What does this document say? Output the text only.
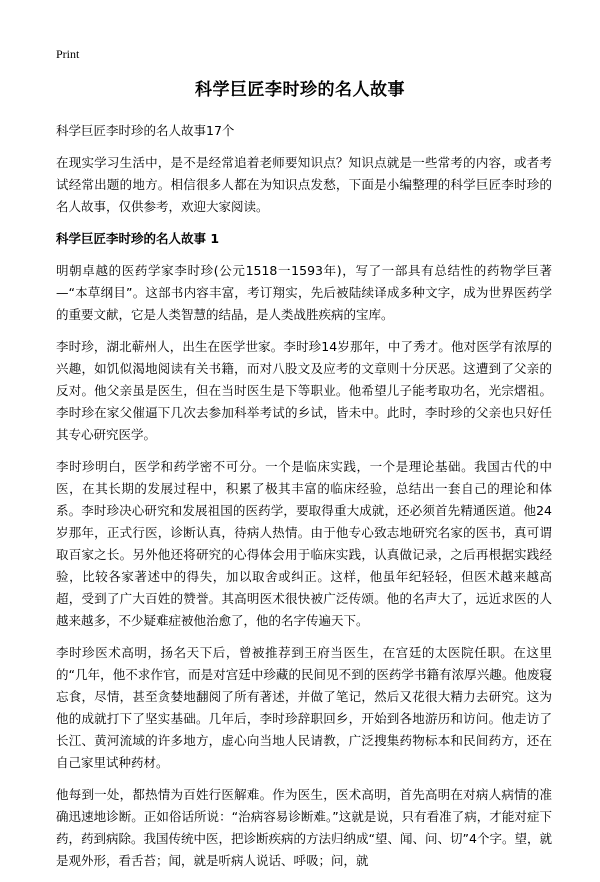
Print
科学巨匠李时珍的名人故事

科学巨匠李时珍的名人故事17个

在现实学习生活中，是不是经常追着老师要知识点？知识点就是一些常考的内容，或者考试经常出题的地方。相信很多人都在为知识点发愁，下面是小编整理的科学巨匠李时珍的名人故事，仅供参考，欢迎大家阅读。

科学巨匠李时珍的名人故事 1

明朝卓越的医药学家李时珍(公元1518一1593年)，写了一部具有总结性的药物学巨著—“本草纲目”。这部书内容丰富，考订翔实，先后被陆续译成多种文字，成为世界医药学的重要文献，它是人类智慧的结晶，是人类战胜疾病的宝库。

李时珍，湖北蕲州人，出生在医学世家。李时珍14岁那年，中了秀才。他对医学有浓厚的兴趣，如饥似渴地阅读有关书籍，而对八股文及应考的文章则十分厌恶。这遭到了父亲的反对。他父亲虽是医生，但在当时医生是下等职业。他希望儿子能考取功名，光宗熠祖。李时珍在家父催逼下几次去参加科举考试的乡试，皆未中。此时，李时珍的父亲也只好任其专心研究医学。

李时珍明白，医学和药学密不可分。一个是临床实践，一个是理论基础。我国古代的中医，在其长期的发展过程中，积累了极其丰富的临床经验，总结出一套自己的理论和体系。李时珍决心研究和发展祖国的医药学，要取得重大成就，还必须首先精通医道。他24岁那年，正式行医，诊断认真，待病人热情。由于他专心致志地研究名家的医书，真可谓取百家之长。另外他还将研究的心得体会用于临床实践，认真做记录，之后再根据实践经验，比较各家著述中的得失，加以取舍或纠正。这样，他虽年纪轻轻，但医术越来越高超，受到了广大百姓的赞誉。其高明医术很快被广泛传颂。他的名声大了，远近求医的人越来越多，不少疑难症被他治愈了，他的名字传遍天下。

李时珍医术高明，扬名天下后，曾被推荐到王府当医生，在宫廷的太医院任职。在这里的“几年，他不求作官，而是对宫廷中珍藏的民间见不到的医药学书籍有浓厚兴趣。他废寝忘食，尽情，甚至贪婪地翻阅了所有著述，并做了笔记，然后又花很大精力去研究。这为他的成就打下了坚实基础。几年后，李时珍辞职回乡，开始到各地游历和访问。他走访了长江、黄河流域的许多地方，虚心向当地人民请教，广泛搜集药物标本和民间药方，还在自己家里试种药材。

他每到一处，都热情为百姓行医解难。作为医生，医术高明，首先高明在对病人病情的准确迅速地诊断。正如俗话所说：“治病容易诊断难。”这就是说，只有看准了病，才能对症下药，药到病除。我国传统中医，把诊断疾病的方法归纳成“望、闻、问、切”4个字。望，就是观外形，看舌苔；闻，就是听病人说话、呼吸；问，就
